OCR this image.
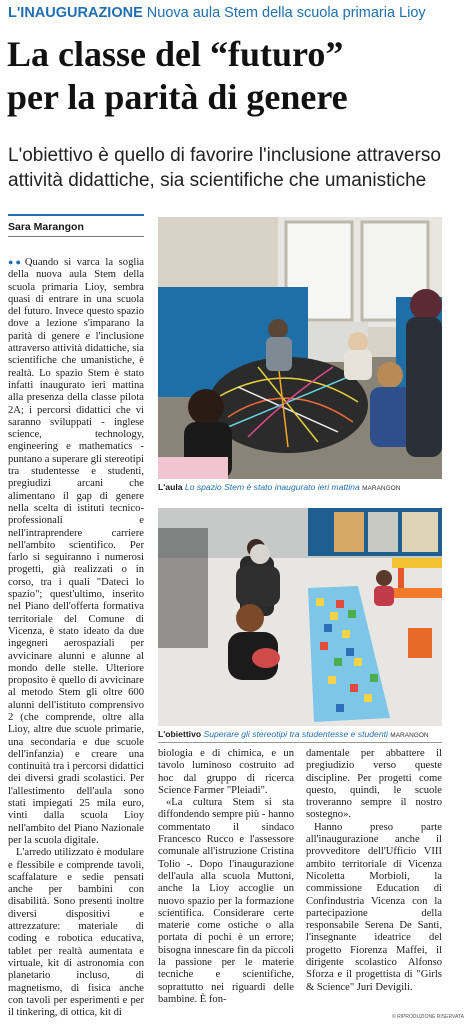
L'INAUGURAZIONE Nuova aula Stem della scuola primaria Lioy
La classe del “futuro”
per la parità di genere

L'obiettivo è quello di favorire l'inclusione attraverso attività didattiche, sia scientifiche che umanistiche

Sara Marangon

●● Quando si varca la soglia della nuova aula Stem della scuola primaria Lioy, sembra quasi di entrare in una scuola del futuro. Invece questo spazio dove a lezione s'imparano la parità di genere e l'inclusione attraverso attività didattiche, sia scientifiche che umanistiche, è realtà. Lo spazio Stem è stato infatti inaugurato ieri mattina alla presenza della classe pilota 2A; i percorsi didattici che vi saranno sviluppati - inglese science, technology, engineering e mathematics - puntano a superare gli stereotipi tra studentesse e studenti, pregiudizi arcani che alimentano il gap di genere nella scelta di istituti tecnico-professionali e nell'intraprendere carriere nell'ambito scientifico. Per farlo si seguiranno i numerosi progetti, già realizzati o in corso, tra i quali "Dateci lo spazio"; quest'ultimo, inserito nel Piano dell'offerta formativa territoriale del Comune di Vicenza, è stato ideato da due ingegneri aerospaziali per avvicinare alunni e alunne al mondo delle stelle. Ulteriore proposito è quello di avvicinare al metodo Stem gli oltre 600 alunni dell'istituto comprensivo 2 (che comprende, oltre alla Lioy, altre due scuole primarie, una secondaria e due scuole dell'infanzia) e creare una continuità tra i percorsi didattici dei diversi gradi scolastici. Per l'allestimento dell'aula sono stati impiegati 25 mila euro, vinti dalla scuola Lioy nell'ambito del Piano Nazionale per la scuola digitale.

L'arredo utilizzato è modulare e flessibile e comprende tavoli, scaffalature e sedie pensati anche per bambini con disabilità. Sono presenti inoltre diversi dispositivi e attrezzature: materiale di coding e robotica educativa, tablet per realtà aumentata e virtuale, kit di astronomia con planetario incluso, di magnetismo, di fisica anche con tavoli per esperimenti e per il tinkering, di ottica, kit di

L'aula Lo spazio Stem è stato inaugurato ieri mattina MARANGON
L'obiettivo Superare gli stereotipi tra studentesse e studenti MARANGON

biologia e di chimica, e un tavolo luminoso costruito ad hoc dal gruppo di ricerca Science Farmer "Pleiadi".

«La cultura Stem si sta diffondendo sempre più - hanno commentato il sindaco Francesco Rucco e l'assessore comunale all'istruzione Cristina Tolio -. Dopo l'inaugurazione dell'aula alla scuola Muttoni, anche la Lioy accoglie un nuovo spazio per la formazione scientifica. Considerare certe materie come ostiche o alla portata di pochi è un errore; bisogna innescare fin da piccoli la passione per le materie tecniche e scientifiche, soprattutto nei riguardi delle bambine. È fon-

damentale per abbattere il pregiudizio verso queste discipline. Per progetti come questo, quindi, le scuole troveranno sempre il nostro sostegno».

Hanno preso parte all'inaugurazione anche il provveditore dell'Ufficio VIII ambito territoriale di Vicenza Nicoletta Morbioli, la commissione Education di Confindustria Vicenza con la partecipazione della responsabile Serena De Santi, l'insegnante ideatrice del progetto Fiorenza Maffei, il dirigente scolastico Alfonso Sforza e il progettista di "Girls & Science" Juri Devigili.

© RIPRODUZIONE RISERVATA
